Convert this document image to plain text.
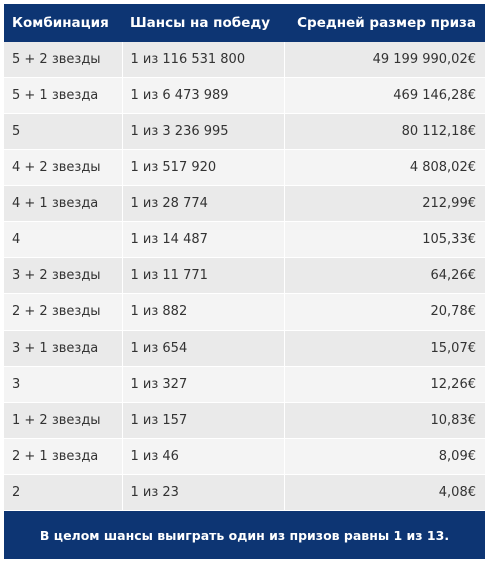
Комбинация	Шансы на победу	Средней размер приза
5 + 2 звезды	1 из 116 531 800	49 199 990,02€
5 + 1 звезда	1 из 6 473 989	469 146,28€
5	1 из 3 236 995	80 112,18€
4 + 2 звезды	1 из 517 920	4 808,02€
4 + 1 звезда	1 из 28 774	212,99€
4	1 из 14 487	105,33€
3 + 2 звезды	1 из 11 771	64,26€
2 + 2 звезды	1 из 882	20,78€
3 + 1 звезда	1 из 654	15,07€
3	1 из 327	12,26€
1 + 2 звезды	1 из 157	10,83€
2 + 1 звезда	1 из 46	8,09€
2	1 из 23	4,08€
В целом шансы выиграть один из призов равны 1 из 13.		
